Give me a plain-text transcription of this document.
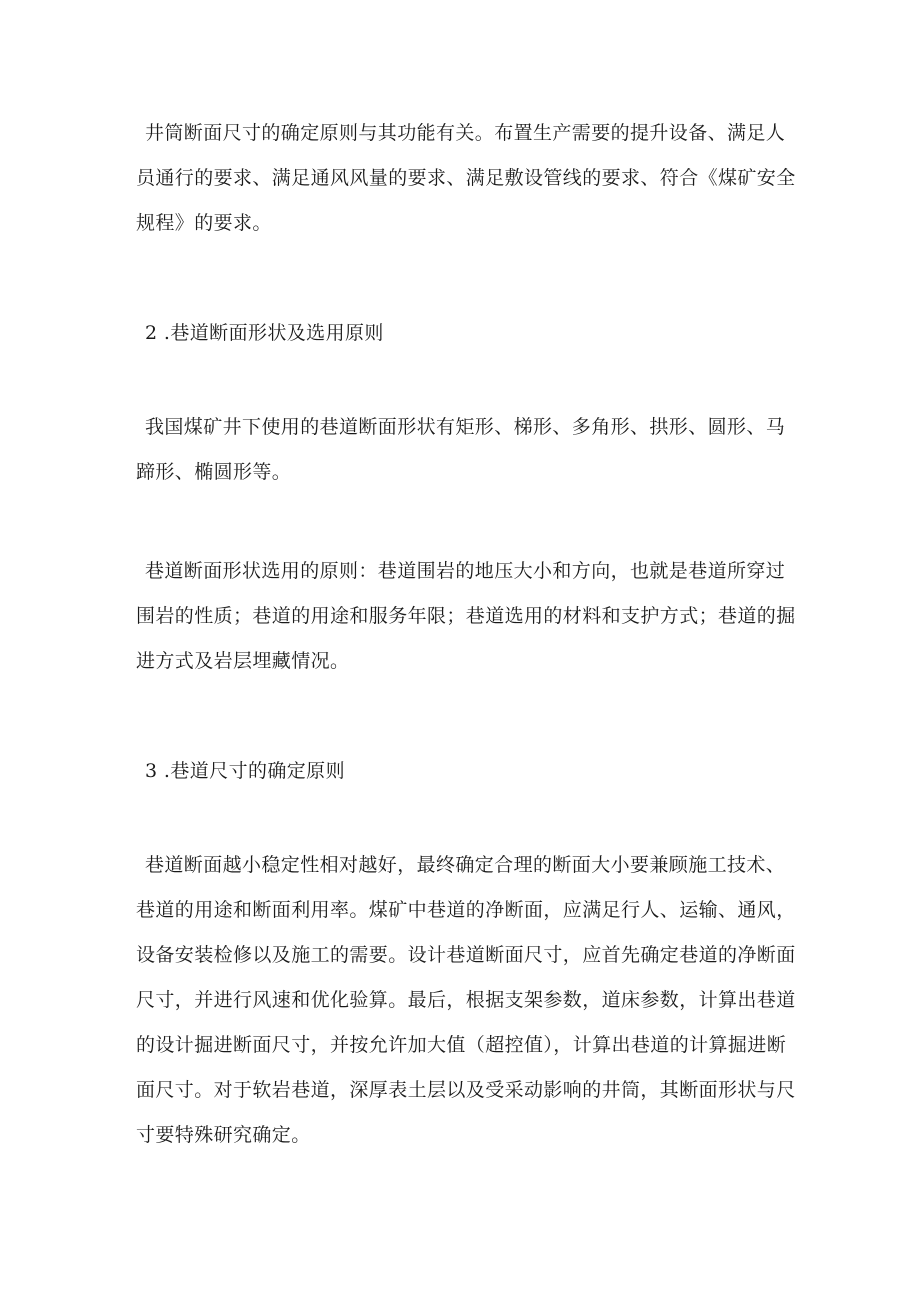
井筒断面尺寸的确定原则与其功能有关。布置生产需要的提升设备、满足人员通行的要求、满足通风风量的要求、满足敷设管线的要求、符合《煤矿安全规程》的要求。

2 .巷道断面形状及选用原则

我国煤矿井下使用的巷道断面形状有矩形、梯形、多角形、拱形、圆形、马蹄形、椭圆形等。

巷道断面形状选用的原则：巷道围岩的地压大小和方向，也就是巷道所穿过围岩的性质；巷道的用途和服务年限；巷道选用的材料和支护方式；巷道的掘进方式及岩层埋藏情况。

3 .巷道尺寸的确定原则

巷道断面越小稳定性相对越好，最终确定合理的断面大小要兼顾施工技术、巷道的用途和断面利用率。煤矿中巷道的净断面，应满足行人、运输、通风，设备安装检修以及施工的需要。设计巷道断面尺寸，应首先确定巷道的净断面尺寸，并进行风速和优化验算。最后，根据支架参数，道床参数，计算出巷道的设计掘进断面尺寸，并按允许加大值（超控值），计算出巷道的计算掘进断面尺寸。对于软岩巷道，深厚表土层以及受采动影响的井筒，其断面形状与尺寸要特殊研究确定。
